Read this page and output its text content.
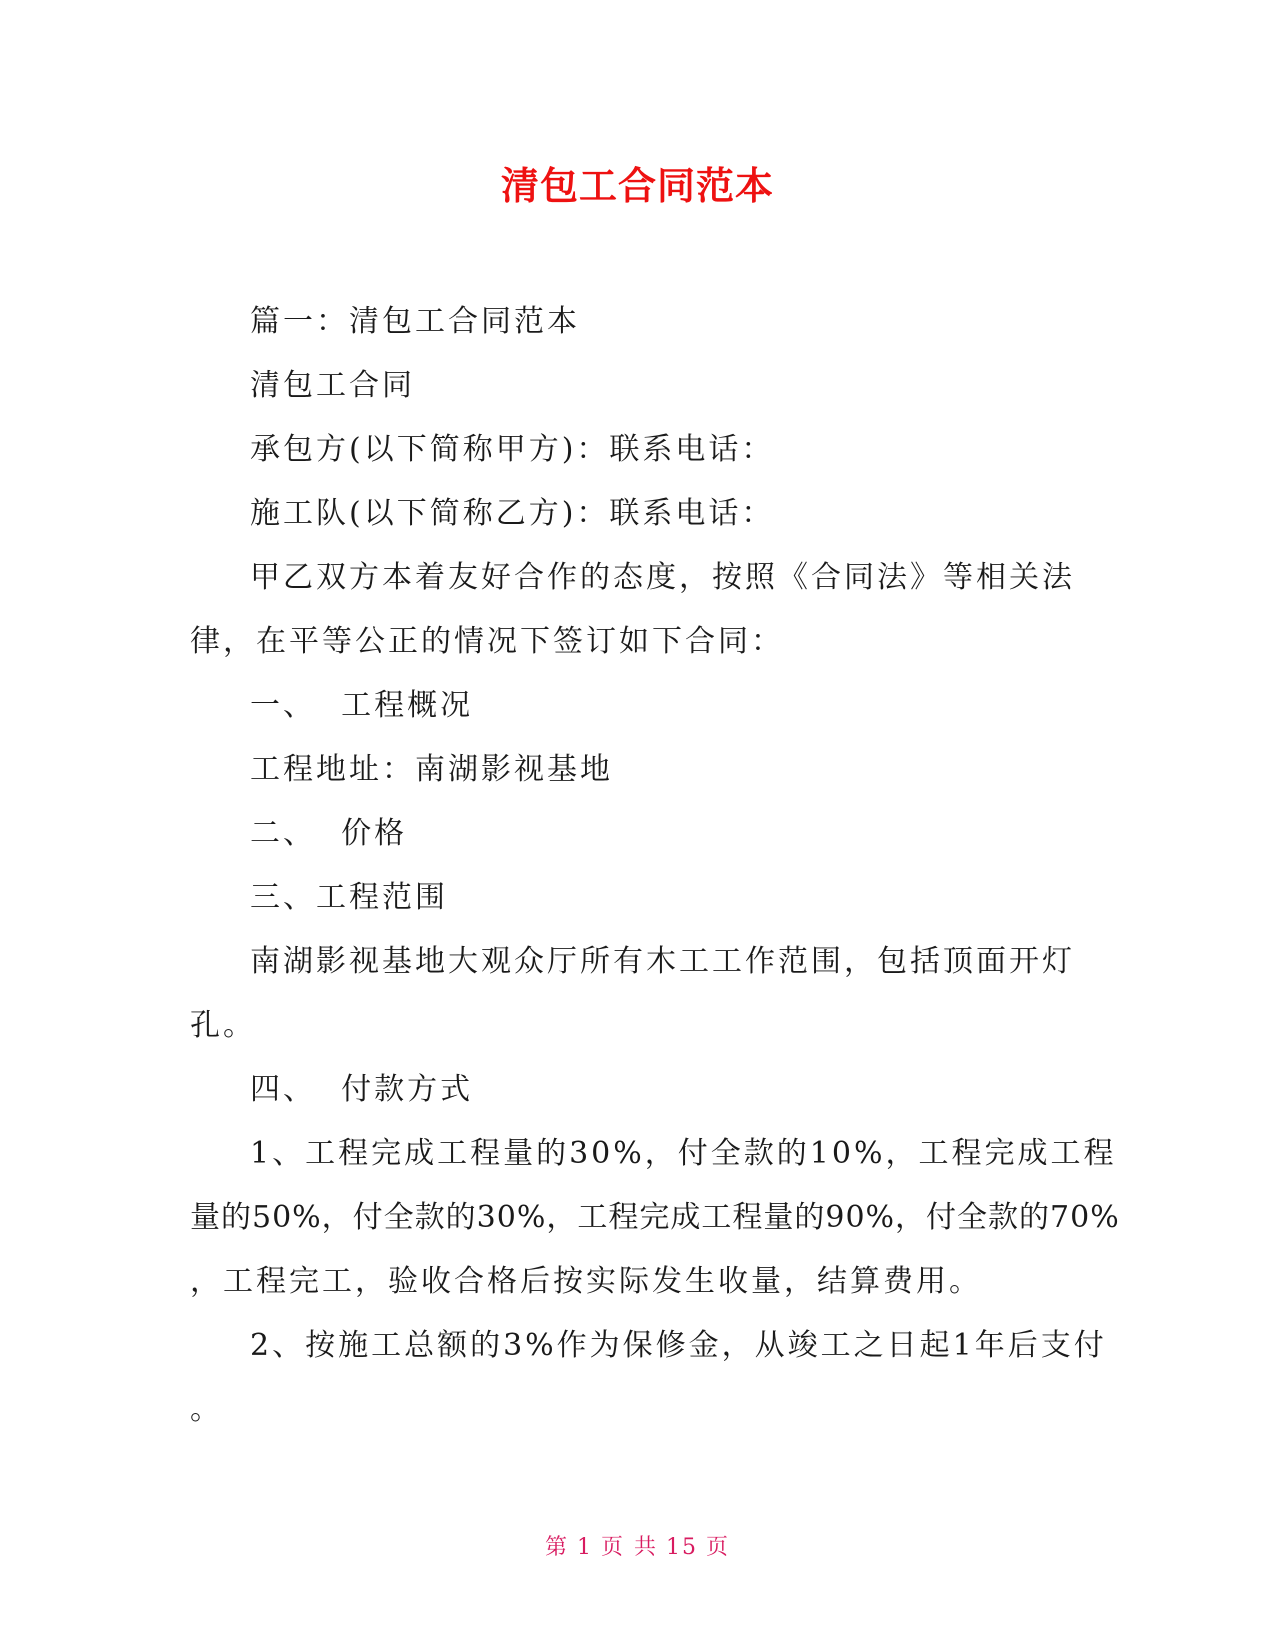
清包工合同范本

篇一：清包工合同范本

清包工合同

承包方(以下简称甲方)：联系电话：

施工队(以下简称乙方)：联系电话：

甲乙双方本着友好合作的态度，按照《合同法》等相关法

律，在平等公正的情况下签订如下合同：

一、  工程概况

工程地址：南湖影视基地

二、  价格

三、工程范围

南湖影视基地大观众厅所有木工工作范围，包括顶面开灯

孔。

四、  付款方式

1、工程完成工程量的30%，付全款的10%，工程完成工程

量的50%，付全款的30%，工程完成工程量的90%，付全款的70%

，工程完工，验收合格后按实际发生收量，结算费用。

2、按施工总额的3%作为保修金，从竣工之日起1年后支付

。

第 1 页 共 15 页
